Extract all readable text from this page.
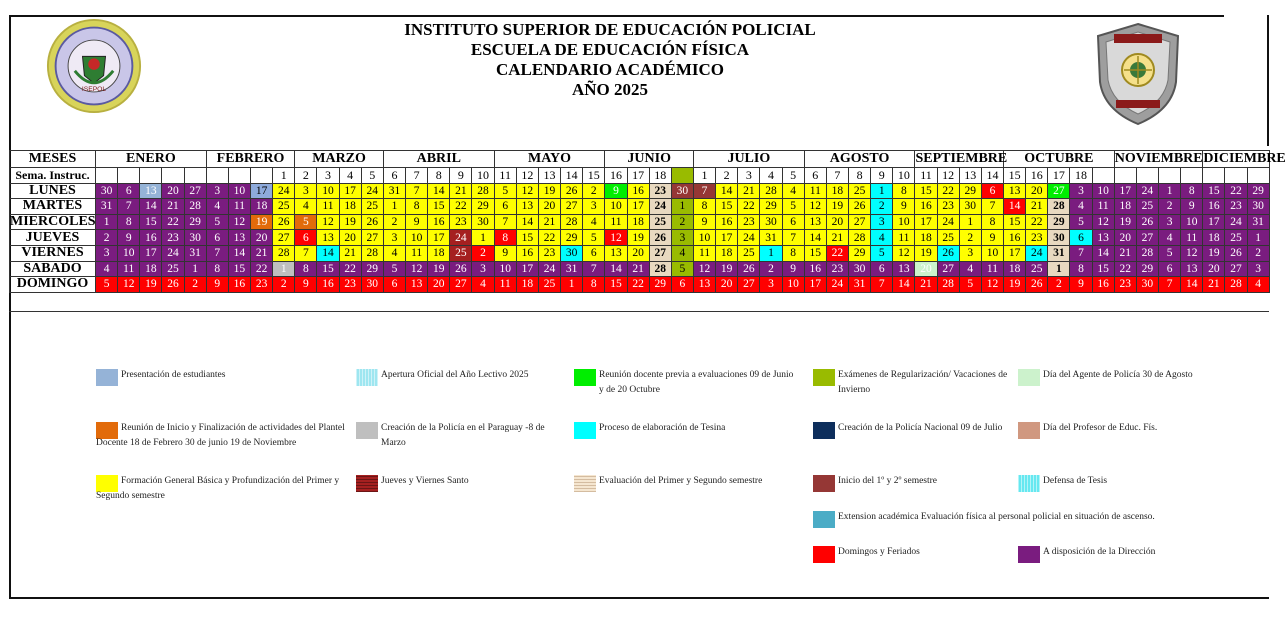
ISEPOL
INSTITUTO SUPERIOR DE EDUCACIÓN POLICIAL
ESCUELA DE EDUCACIÓN FÍSICA
CALENDARIO ACADÉMICO
AÑO 2025
MESES	ENERO					FEBRERO				MARZO				ABRIL					MAYO					JUNIO				JULIO					AGOSTO					SEPTIEMBRE				OCTUBRE					NOVIEMBRE				DICIEMBRE		
Sema. Instruc.									1	2	3	4	5	6	7	8	9	10	11	12	13	14	15	16	17	18		1	2	3	4	5	6	7	8	9	10	11	12	13	14	15	16	17	18								
LUNES	30	6	13	20	27	3	10	17	24	3	10	17	24	31	7	14	21	28	5	12	19	26	2	9	16	23	30	7	14	21	28	4	11	18	25	1	8	15	22	29	6	13	20	27	3	10	17	24	1	8	15	22	29
MARTES	31	7	14	21	28	4	11	18	25	4	11	18	25	1	8	15	22	29	6	13	20	27	3	10	17	24	1	8	15	22	29	5	12	19	26	2	9	16	23	30	7	14	21	28	4	11	18	25	2	9	16	23	30
MIERCOLES	1	8	15	22	29	5	12	19	26	5	12	19	26	2	9	16	23	30	7	14	21	28	4	11	18	25	2	9	16	23	30	6	13	20	27	3	10	17	24	1	8	15	22	29	5	12	19	26	3	10	17	24	31
JUEVES	2	9	16	23	30	6	13	20	27	6	13	20	27	3	10	17	24	1	8	15	22	29	5	12	19	26	3	10	17	24	31	7	14	21	28	4	11	18	25	2	9	16	23	30	6	13	20	27	4	11	18	25	1
VIERNES	3	10	17	24	31	7	14	21	28	7	14	21	28	4	11	18	25	2	9	16	23	30	6	13	20	27	4	11	18	25	1	8	15	22	29	5	12	19	26	3	10	17	24	31	7	14	21	28	5	12	19	26	2
SABADO	4	11	18	25	1	8	15	22	1	8	15	22	29	5	12	19	26	3	10	17	24	31	7	14	21	28	5	12	19	26	2	9	16	23	30	6	13	20	27	4	11	18	25	1	8	15	22	29	6	13	20	27	3
DOMINGO	5	12	19	26	2	9	16	23	2	9	16	23	30	6	13	20	27	4	11	18	25	1	8	15	22	29	6	13	20	27	3	10	17	24	31	7	14	21	28	5	12	19	26	2	9	16	23	30	7	14	21	28	4
Presentación de estudiantes	Apertura Oficial del Año Lectivo 2025	Reunión docente previa a evaluaciones 09 de Junio y de 20 Octubre
Exámenes de Regularización/ Vacaciones de Invierno
Día del Agente de Policía 30 de Agosto
Reunión de Inicio y Finalización de actividades del Plantel Docente 18 de Febrero 30 de junio 19 de Noviembre
Creación de la Policía en el Paraguay -8 de Marzo
Proceso de elaboración de Tesina	Creación de la Policía Nacional 09 de Julio	Día del Profesor de Educ. Fís.
Formación General Básica y Profundización del Primer y Segundo semestre
Jueves y Viernes Santo	Evaluación del Primer y Segundo semestre	Inicio del 1º y 2º semestre	Defensa de Tesis
Extension académica Evaluación física al personal policial en situación de ascenso.
Domingos y Feriados	A disposición de la Dirección
